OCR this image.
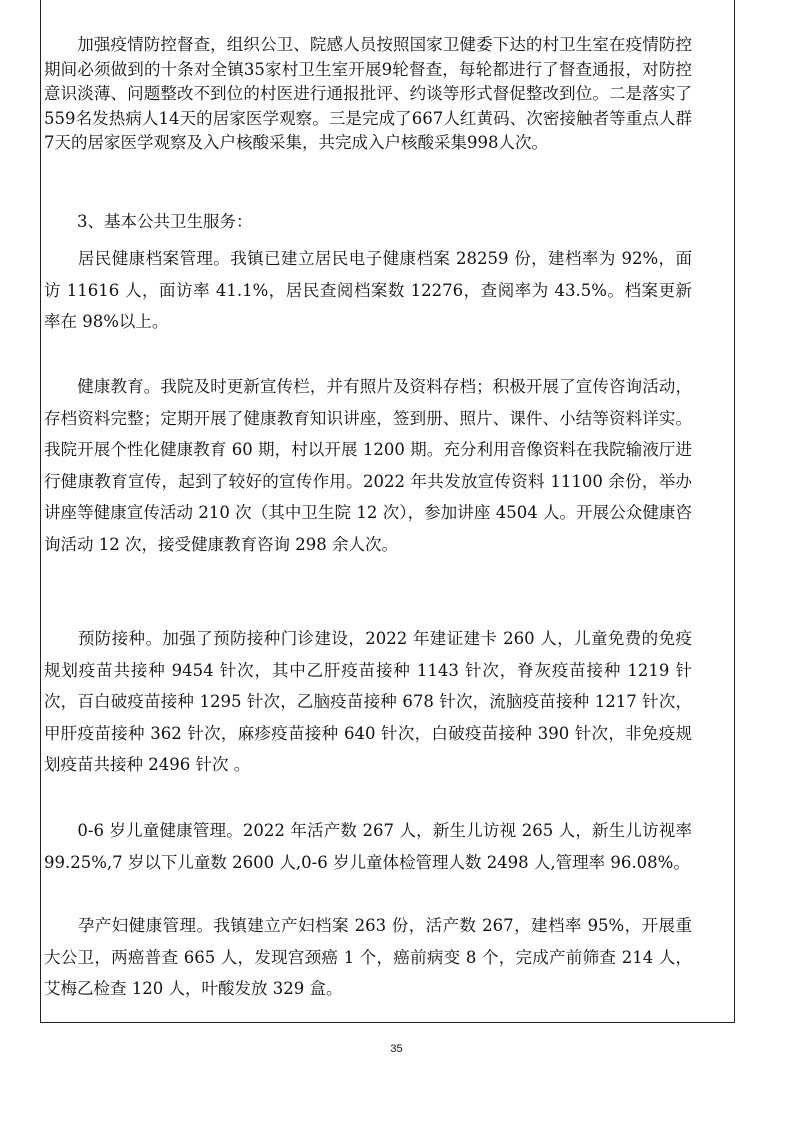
　　加强疫情防控督查，组织公卫、院感人员按照国家卫健委下达的村卫生室在疫情防控期间必须做到的十条对全镇35家村卫生室开展9轮督查，每轮都进行了督查通报，对防控意识淡薄、问题整改不到位的村医进行通报批评、约谈等形式督促整改到位。二是落实了559名发热病人14天的居家医学观察。三是完成了667人红黄码、次密接触者等重点人群7天的居家医学观察及入户核酸采集，共完成入户核酸采集998人次。

　　3、基本公共卫生服务：

　　居民健康档案管理。我镇已建立居民电子健康档案 28259 份，建档率为 92%，面访 11616 人，面访率 41.1%，居民查阅档案数 12276，查阅率为 43.5%。档案更新率在 98%以上。

　　健康教育。我院及时更新宣传栏，并有照片及资料存档；积极开展了宣传咨询活动，存档资料完整；定期开展了健康教育知识讲座，签到册、照片、课件、小结等资料详实。我院开展个性化健康教育 60 期，村以开展 1200 期。充分利用音像资料在我院输液厅进行健康教育宣传，起到了较好的宣传作用。2022 年共发放宣传资料 11100 余份，举办讲座等健康宣传活动 210 次（其中卫生院 12 次），参加讲座 4504 人。开展公众健康咨询活动 12 次，接受健康教育咨询 298 余人次。

　　预防接种。加强了预防接种门诊建设，2022 年建证建卡 260 人，儿童免费的免疫规划疫苗共接种 9454 针次，其中乙肝疫苗接种 1143 针次，脊灰疫苗接种 1219 针次，百白破疫苗接种 1295 针次，乙脑疫苗接种 678 针次，流脑疫苗接种 1217 针次，甲肝疫苗接种 362 针次，麻疹疫苗接种 640 针次，白破疫苗接种 390 针次，非免疫规划疫苗共接种 2496 针次 。

　　0-6 岁儿童健康管理。2022 年活产数 267 人，新生儿访视 265 人，新生儿访视率 99.25%,7 岁以下儿童数 2600 人,0-6 岁儿童体检管理人数 2498 人,管理率 96.08%。

　　孕产妇健康管理。我镇建立产妇档案 263 份，活产数 267，建档率 95%，开展重大公卫，两癌普查 665 人，发现宫颈癌 1 个，癌前病变 8 个，完成产前筛查 214 人，艾梅乙检查 120 人，叶酸发放 329 盒。

35
